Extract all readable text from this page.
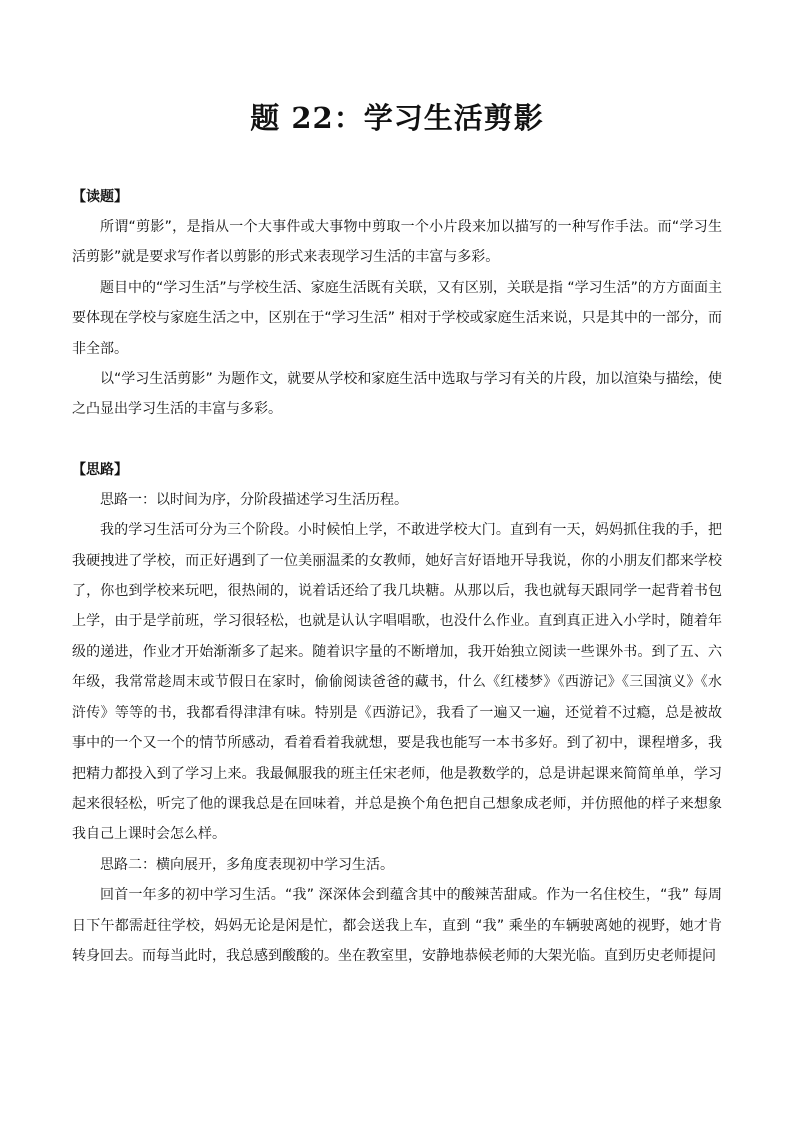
题 22：学习生活剪影

【读题】

所谓“剪影”，是指从一个大事件或大事物中剪取一个小片段来加以描写的一种写作手法。而“学习生活剪影”就是要求写作者以剪影的形式来表现学习生活的丰富与多彩。

题目中的“学习生活”与学校生活、家庭生活既有关联，又有区别，关联是指 “学习生活”的方方面面主要体现在学校与家庭生活之中，区别在于“学习生活” 相对于学校或家庭生活来说，只是其中的一部分，而非全部。

以“学习生活剪影” 为题作文，就要从学校和家庭生活中选取与学习有关的片段，加以渲染与描绘，使之凸显出学习生活的丰富与多彩。

【思路】

思路一：以时间为序，分阶段描述学习生活历程。

我的学习生活可分为三个阶段。小时候怕上学，不敢进学校大门。直到有一天，妈妈抓住我的手，把我硬拽进了学校，而正好遇到了一位美丽温柔的女教师，她好言好语地开导我说，你的小朋友们都来学校了，你也到学校来玩吧，很热闹的，说着话还给了我几块糖。从那以后，我也就每天跟同学一起背着书包上学，由于是学前班，学习很轻松，也就是认认字唱唱歌，也没什么作业。直到真正进入小学时，随着年级的递进，作业才开始渐渐多了起来。随着识字量的不断增加，我开始独立阅读一些课外书。到了五、六年级，我常常趁周末或节假日在家时，偷偷阅读爸爸的藏书，什么《红楼梦》《西游记》《三国演义》《水浒传》等等的书，我都看得津津有味。特别是《西游记》，我看了一遍又一遍，还觉着不过瘾，总是被故事中的一个又一个的情节所感动，看着看着我就想，要是我也能写一本书多好。到了初中，课程增多，我把精力都投入到了学习上来。我最佩服我的班主任宋老师，他是教数学的，总是讲起课来简简单单，学习起来很轻松，听完了他的课我总是在回味着，并总是换个角色把自己想象成老师，并仿照他的样子来想象我自己上课时会怎么样。

思路二：横向展开，多角度表现初中学习生活。

回首一年多的初中学习生活。“我” 深深体会到蕴含其中的酸辣苦甜咸。作为一名住校生，“我” 每周日下午都需赶往学校，妈妈无论是闲是忙，都会送我上车，直到 “我” 乘坐的车辆驶离她的视野，她才肯转身回去。而每当此时，我总感到酸酸的。坐在教室里，安静地恭候老师的大架光临。直到历史老师提问
